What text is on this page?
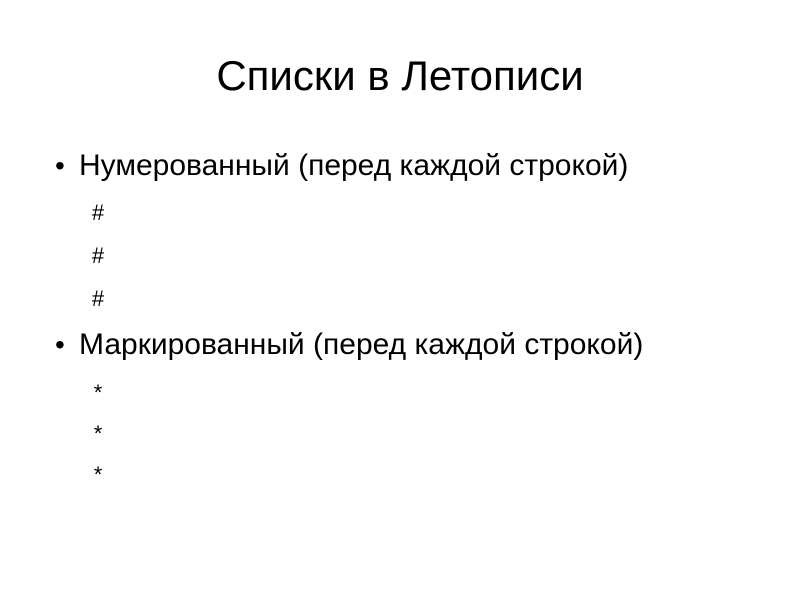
Списки в Летописи
• Нумерованный (перед каждой строкой)
#
#
#
• Маркированный (перед каждой строкой)
*
*
*
